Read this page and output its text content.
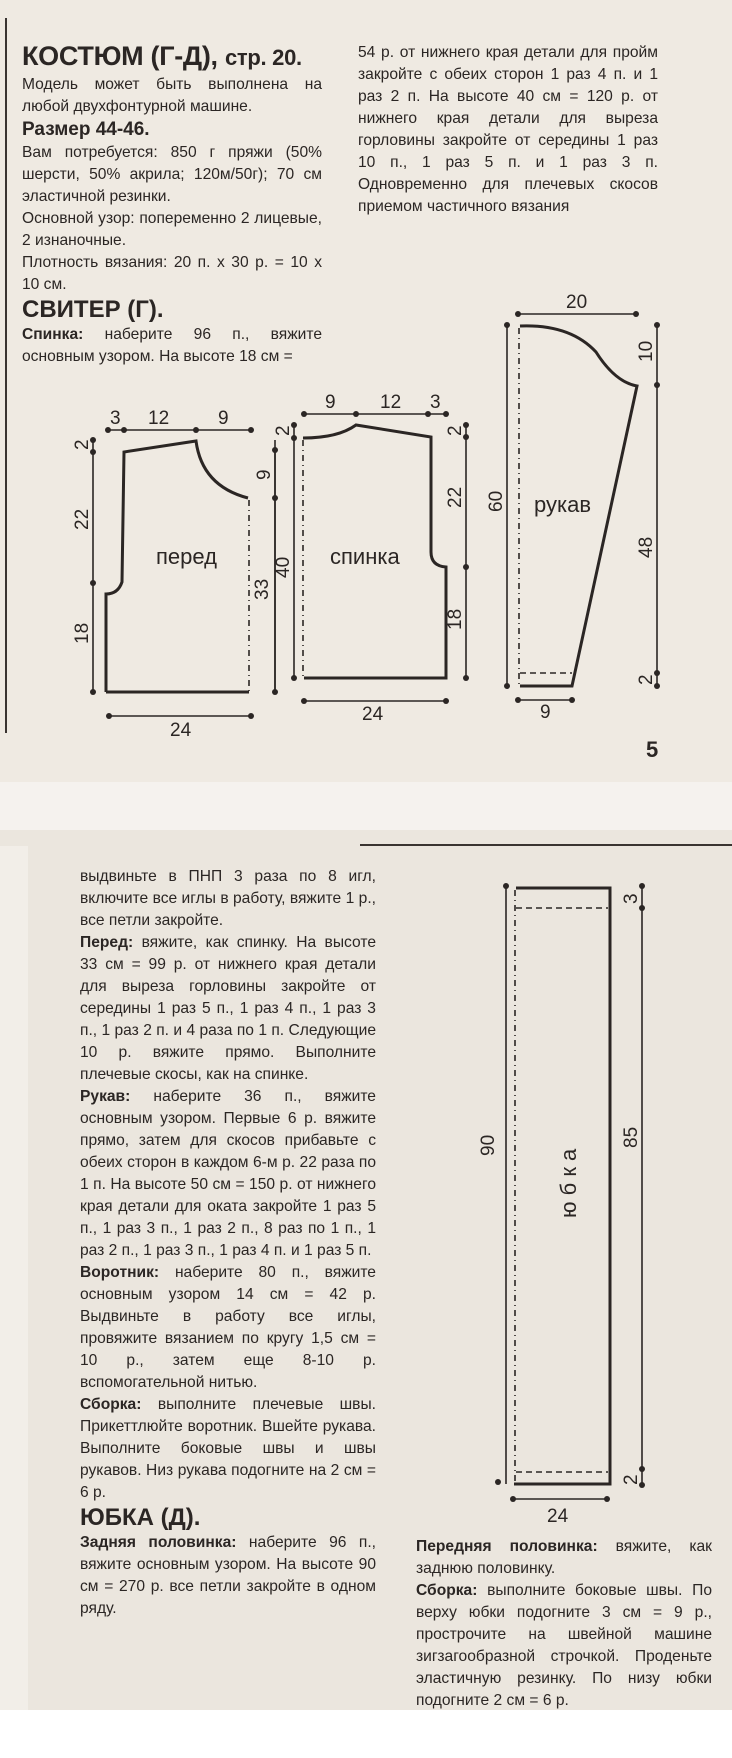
КОСТЮМ (Г-Д), стр. 20.

Модель может быть выполнена на любой двухфонтурной машине.

Размер 44-46.

Вам потребуется: 850 г пряжи (50% шерсти, 50% акрила; 120м/50г); 70 см эластичной резинки.

Основной узор: попеременно 2 лицевые, 2 изнаночные.

Плотность вязания: 20 п. х 30 р. = 10 х 10 см.

СВИТЕР (Г).

Спинка: наберите 96 п., вяжите основным узором. На высоте 18 см =

54 р. от нижнего края детали для пройм закройте с обеих сторон 1 раз 4 п. и 1 раз 2 п. На высоте 40 см = 120 р. от нижнего края детали для выреза горловины закройте от середины 1 раз 10 п., 1 раз 5 п. и 1 раз 3 п. Одновременно для плечевых скосов приемом частичного вязания

5
3 12	9
2
22
18
33
24
перед
9 12 3
2
9
40
2
22
18
24
спинка
20
60
10
48
2
9
рукав
90
3
85
2
24
ю б к а

выдвиньте в ПНП 3 раза по 8 игл, включите все иглы в работу, вяжите 1 р., все петли закройте.

Перед: вяжите, как спинку. На высоте 33 см = 99 р. от нижнего края детали для выреза горловины закройте от середины 1 раз 5 п., 1 раз 4 п., 1 раз 3 п., 1 раз 2 п. и 4 раза по 1 п. Следующие 10 р. вяжите прямо. Выполните плечевые скосы, как на спинке.

Рукав: наберите 36 п., вяжите основным узором. Первые 6 р. вяжите прямо, затем для скосов прибавьте с обеих сторон в каждом 6-м р. 22 раза по 1 п. На высоте 50 см = 150 р. от нижнего края детали для оката закройте 1 раз 5 п., 1 раз 3 п., 1 раз 2 п., 8 раз по 1 п., 1 раз 2 п., 1 раз 3 п., 1 раз 4 п. и 1 раз 5 п.

Воротник: наберите 80 п., вяжите основным узором 14 см = 42 р. Выдвиньте в работу все иглы, провяжите вязанием по кругу 1,5 см = 10 р., затем еще 8-10 р. вспомогательной нитью.

Сборка: выполните плечевые швы. Прикеттлюйте воротник. Вшейте рукава. Выполните боковые швы и швы рукавов. Низ рукава подогните на 2 см = 6 р.

ЮБКА (Д).

Задняя половинка: наберите 96 п., вяжите основным узором. На высоте 90 см = 270 р. все петли закройте в одном ряду.

Передняя половинка: вяжите, как заднюю половинку.

Сборка: выполните боковые швы. По верху юбки подогните 3 см = 9 р., прострочите на швейной машине зигзагообразной строчкой. Проденьте эластичную резинку. По низу юбки подогните 2 см = 6 р.
